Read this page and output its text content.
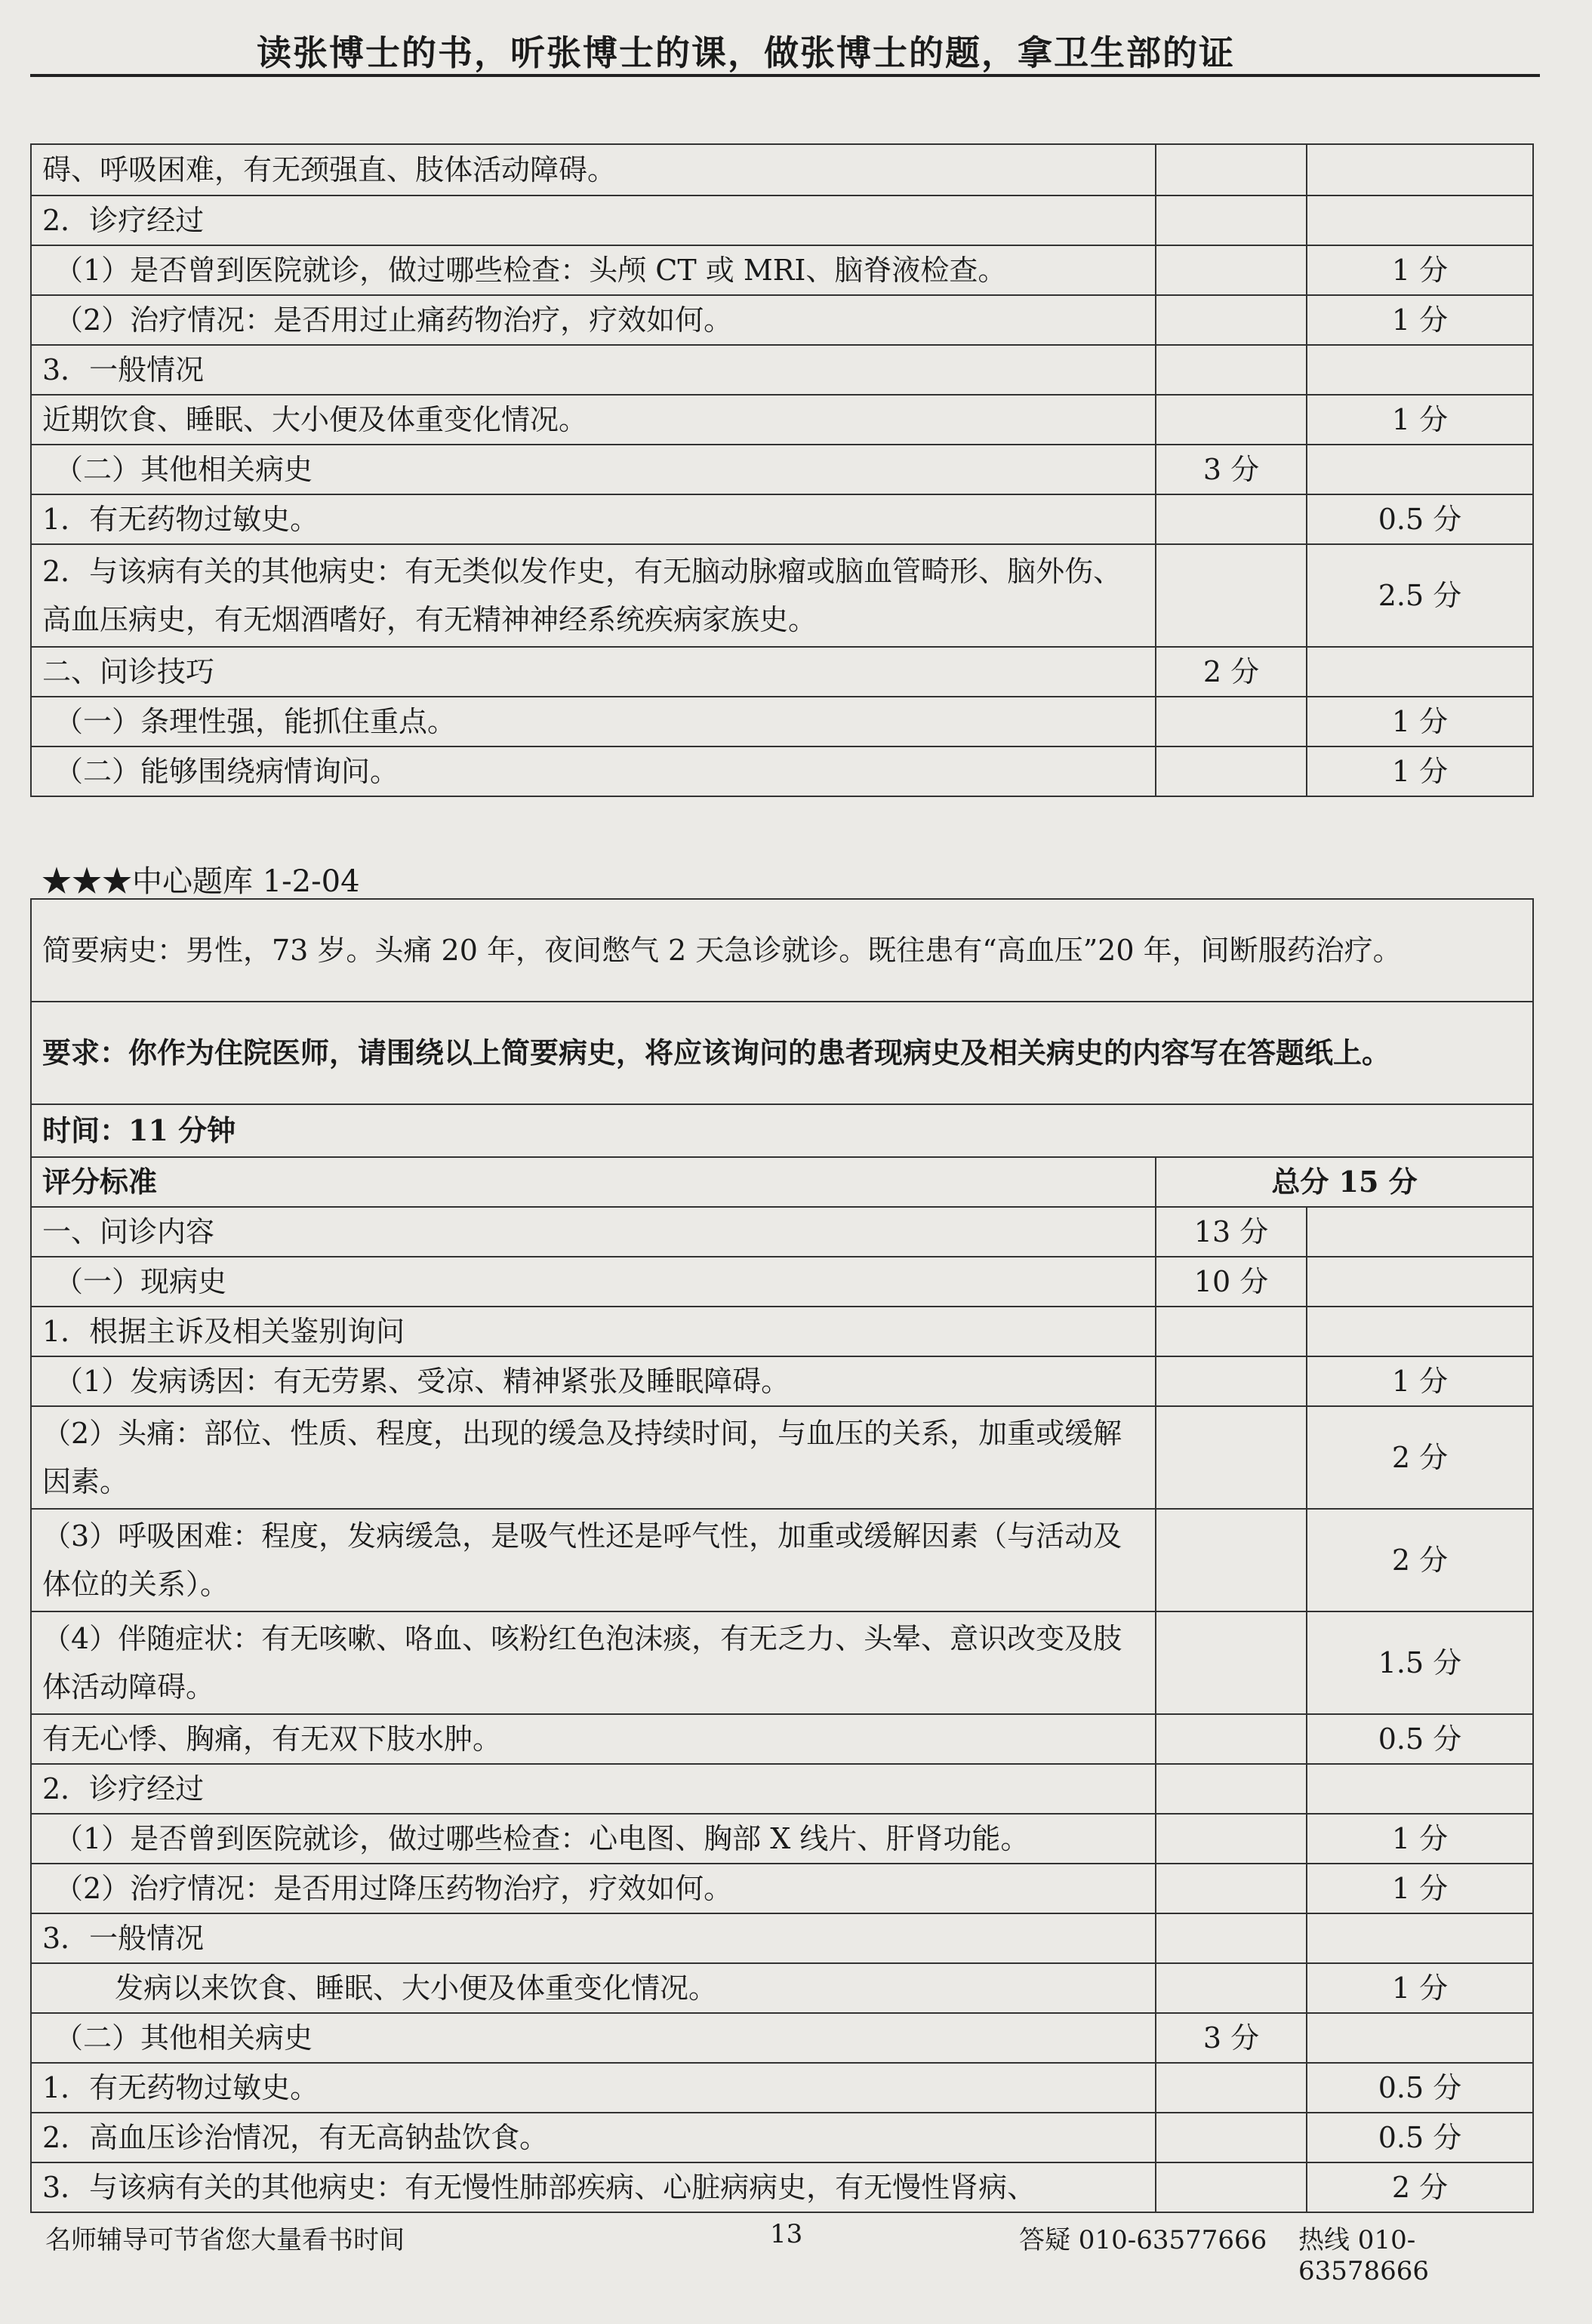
读张博士的书，听张博士的课，做张博士的题，拿卫生部的证
碍、呼吸困难，有无颈强直、肢体活动障碍。		
2．诊疗经过		
（1）是否曾到医院就诊，做过哪些检查：头颅 CT 或 MRI、脑脊液检查。		1 分
（2）治疗情况：是否用过止痛药物治疗，疗效如何。		1 分
3．一般情况		
近期饮食、睡眠、大小便及体重变化情况。		1 分
（二）其他相关病史	3 分	
1．有无药物过敏史。		0.5 分
2．与该病有关的其他病史：有无类似发作史，有无脑动脉瘤或脑血管畸形、脑外伤、高血压病史，有无烟酒嗜好，有无精神神经系统疾病家族史。		2.5 分
二、问诊技巧	2 分	
（一）条理性强，能抓住重点。		1 分
（二）能够围绕病情询问。		1 分
★★★中心题库 1-2-04
简要病史：男性，73 岁。头痛 20 年，夜间憋气 2 天急诊就诊。既往患有“高血压”20 年，间断服药治疗。
要求：你作为住院医师，请围绕以上简要病史，将应该询问的患者现病史及相关病史的内容写在答题纸上。
时间：11 分钟
评分标准	总分 15 分	
一、问诊内容	13 分	
（一）现病史	10 分	
1．根据主诉及相关鉴别询问		
（1）发病诱因：有无劳累、受凉、精神紧张及睡眠障碍。		1 分
（2）头痛：部位、性质、程度，出现的缓急及持续时间，与血压的关系，加重或缓解因素。		2 分
（3）呼吸困难：程度，发病缓急，是吸气性还是呼气性，加重或缓解因素（与活动及体位的关系）。		2 分
（4）伴随症状：有无咳嗽、咯血、咳粉红色泡沫痰，有无乏力、头晕、意识改变及肢体活动障碍。		1.5 分
有无心悸、胸痛，有无双下肢水肿。		0.5 分
2．诊疗经过		
（1）是否曾到医院就诊，做过哪些检查：心电图、胸部 X 线片、肝肾功能。		1 分
（2）治疗情况：是否用过降压药物治疗，疗效如何。		1 分
3．一般情况		
发病以来饮食、睡眠、大小便及体重变化情况。		1 分
（二）其他相关病史	3 分	
1．有无药物过敏史。		0.5 分
2．高血压诊治情况，有无高钠盐饮食。		0.5 分
3．与该病有关的其他病史：有无慢性肺部疾病、心脏病病史，有无慢性肾病、		2 分
名师辅导可节省您大量看书时间	13	答疑 010-63577666 热线 010-63578666
